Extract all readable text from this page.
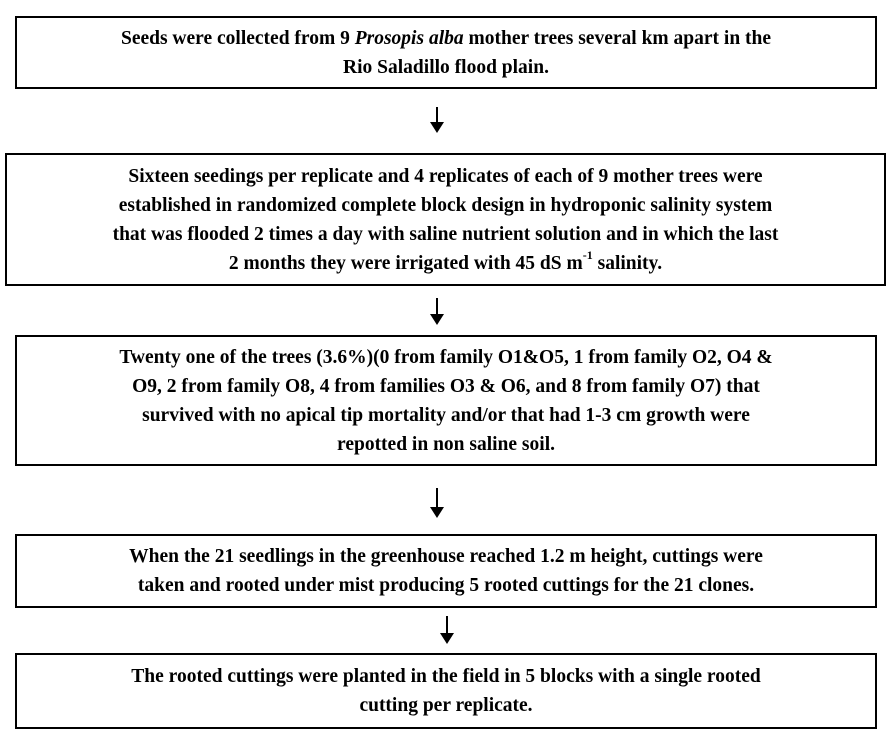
Seeds were collected from 9 Prosopis alba mother trees several km apart in the
Rio Saladillo flood plain.
Sixteen seedings per replicate and 4 replicates of each of 9 mother trees were
established in randomized complete block design in hydroponic salinity system
that was flooded 2 times a day with saline nutrient solution and in which the last
2 months they were irrigated with 45 dS $m^{-1}$ salinity.
Twenty one of the trees (3.6%)(0 from family O1&O5, 1 from family O2, O4 &
O9, 2 from family O8, 4 from families O3 & O6, and 8 from family O7) that
survived with no apical tip mortality and/or that had 1-3 cm growth were
repotted in non saline soil.
When the 21 seedlings in the greenhouse reached 1.2 m height, cuttings were
taken and rooted under mist producing 5 rooted cuttings for the 21 clones.
The rooted cuttings were planted in the field in 5 blocks with a single rooted
cutting per replicate.
